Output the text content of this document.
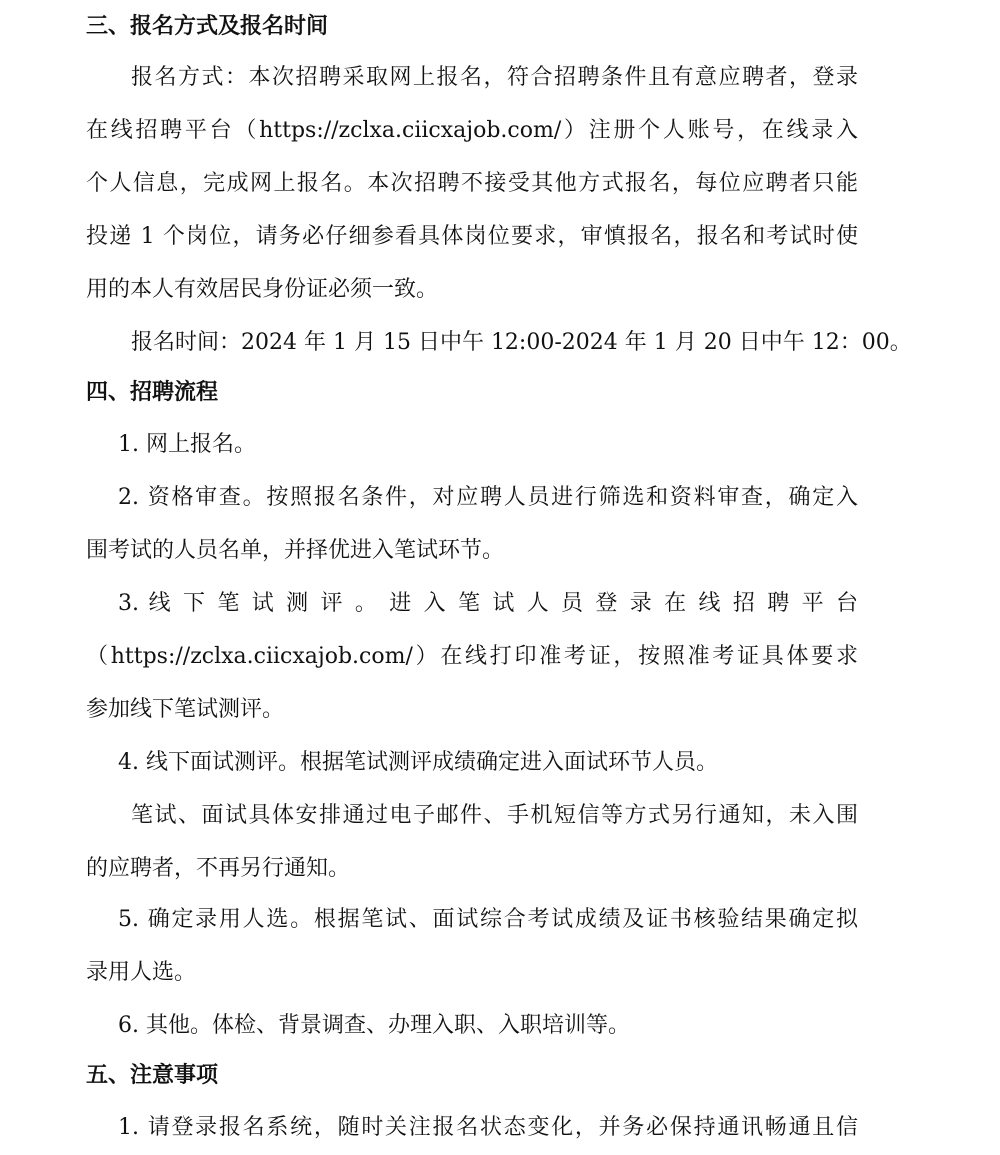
三、报名方式及报名时间
报名方式：本次招聘采取网上报名，符合招聘条件且有意应聘者，登录
在线招聘平台（https://zclxa.ciicxajob.com/）注册个人账号，在线录入
个人信息，完成网上报名。本次招聘不接受其他方式报名，每位应聘者只能
投递 1 个岗位，请务必仔细参看具体岗位要求，审慎报名，报名和考试时使
用的本人有效居民身份证必须一致。
报名时间：2024 年 1 月 15 日中午 12:00-2024 年 1 月 20 日中午 12：00。
四、招聘流程
1. 网上报名。
2. 资格审查。按照报名条件，对应聘人员进行筛选和资料审查，确定入
围考试的人员名单，并择优进入笔试环节。
3. 线 下 笔 试 测 评 。 进 入 笔 试 人 员 登 录 在 线 招 聘 平 台
（https://zclxa.ciicxajob.com/）在线打印准考证，按照准考证具体要求
参加线下笔试测评。
4. 线下面试测评。根据笔试测评成绩确定进入面试环节人员。
笔试、面试具体安排通过电子邮件、手机短信等方式另行通知，未入围
的应聘者，不再另行通知。
5. 确定录用人选。根据笔试、面试综合考试成绩及证书核验结果确定拟
录用人选。
6. 其他。体检、背景调查、办理入职、入职培训等。
五、注意事项
1. 请登录报名系统，随时关注报名状态变化，并务必保持通讯畅通且信
